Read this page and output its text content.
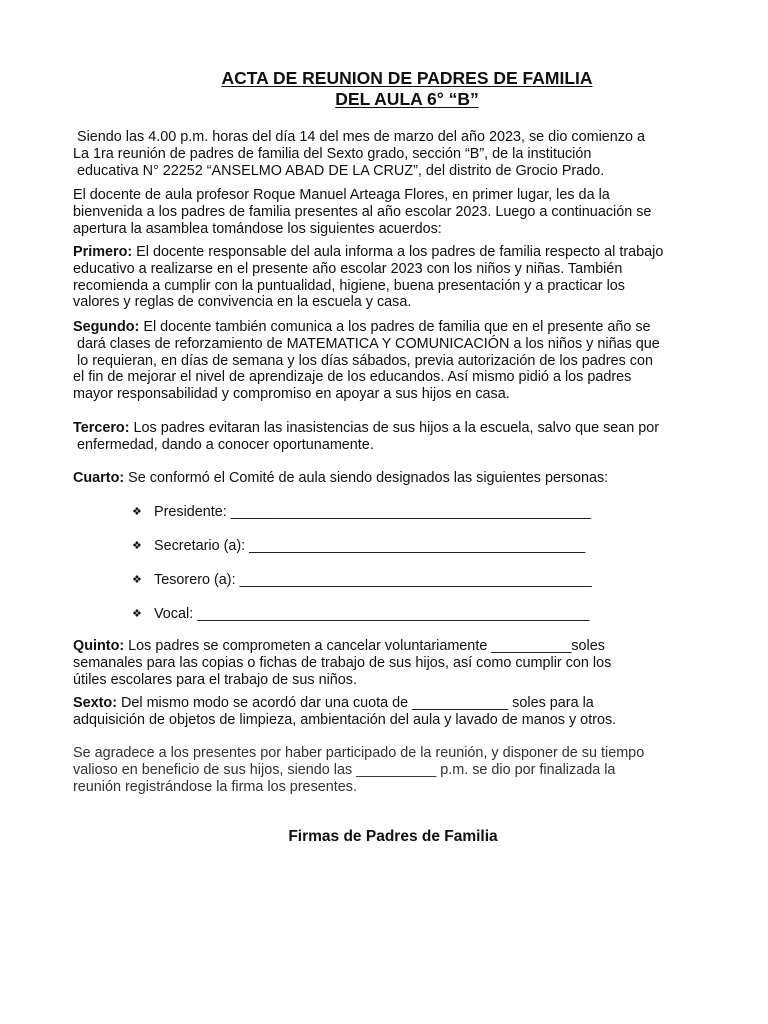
ACTA DE REUNION DE PADRES DE FAMILIA
DEL AULA 6° “B”
Siendo las 4.00 p.m. horas del día 14 del mes de marzo del año 2023, se dio comienzo a
La 1ra reunión de padres de familia del Sexto grado, sección “B”, de la institución
educativa N° 22252 “ANSELMO ABAD DE LA CRUZ”, del distrito de Grocio Prado.
El docente de aula profesor Roque Manuel Arteaga Flores, en primer lugar, les da la
bienvenida a los padres de familia presentes al año escolar 2023. Luego a continuación se
apertura la asamblea tomándose los siguientes acuerdos:
Primero: El docente responsable del aula informa a los padres de familia respecto al trabajo
educativo a realizarse en el presente año escolar 2023 con los niños y niñas. También
recomienda a cumplir con la puntualidad, higiene, buena presentación y a practicar los
valores y reglas de convivencia en la escuela y casa.
Segundo: El docente también comunica a los padres de familia que en el presente año se
dará clases de reforzamiento de MATEMATICA Y COMUNICACIÓN a los niños y niñas que
lo requieran, en días de semana y los días sábados, previa autorización de los padres con
el fin de mejorar el nivel de aprendizaje de los educandos. Así mismo pidió a los padres
mayor responsabilidad y compromiso en apoyar a sus hijos en casa.
Tercero: Los padres evitaran las inasistencias de sus hijos a la escuela, salvo que sean por
enfermedad, dando a conocer oportunamente.
Cuarto: Se conformó el Comité de aula siendo designados las siguientes personas:
❖ Presidente: _____________________________________________
❖ Secretario (a): __________________________________________
❖ Tesorero (a): ____________________________________________
❖ Vocal: _________________________________________________
Quinto: Los padres se comprometen a cancelar voluntariamente __________soles
semanales para las copias o fichas de trabajo de sus hijos, así como cumplir con los
útiles escolares para el trabajo de sus niños.
Sexto: Del mismo modo se acordó dar una cuota de ____________ soles para la
adquisición de objetos de limpieza, ambientación del aula y lavado de manos y otros.
Se agradece a los presentes por haber participado de la reunión, y disponer de su tiempo
valioso en beneficio de sus hijos, siendo las __________ p.m. se dio por finalizada la
reunión registrándose la firma los presentes.
Firmas de Padres de Familia
